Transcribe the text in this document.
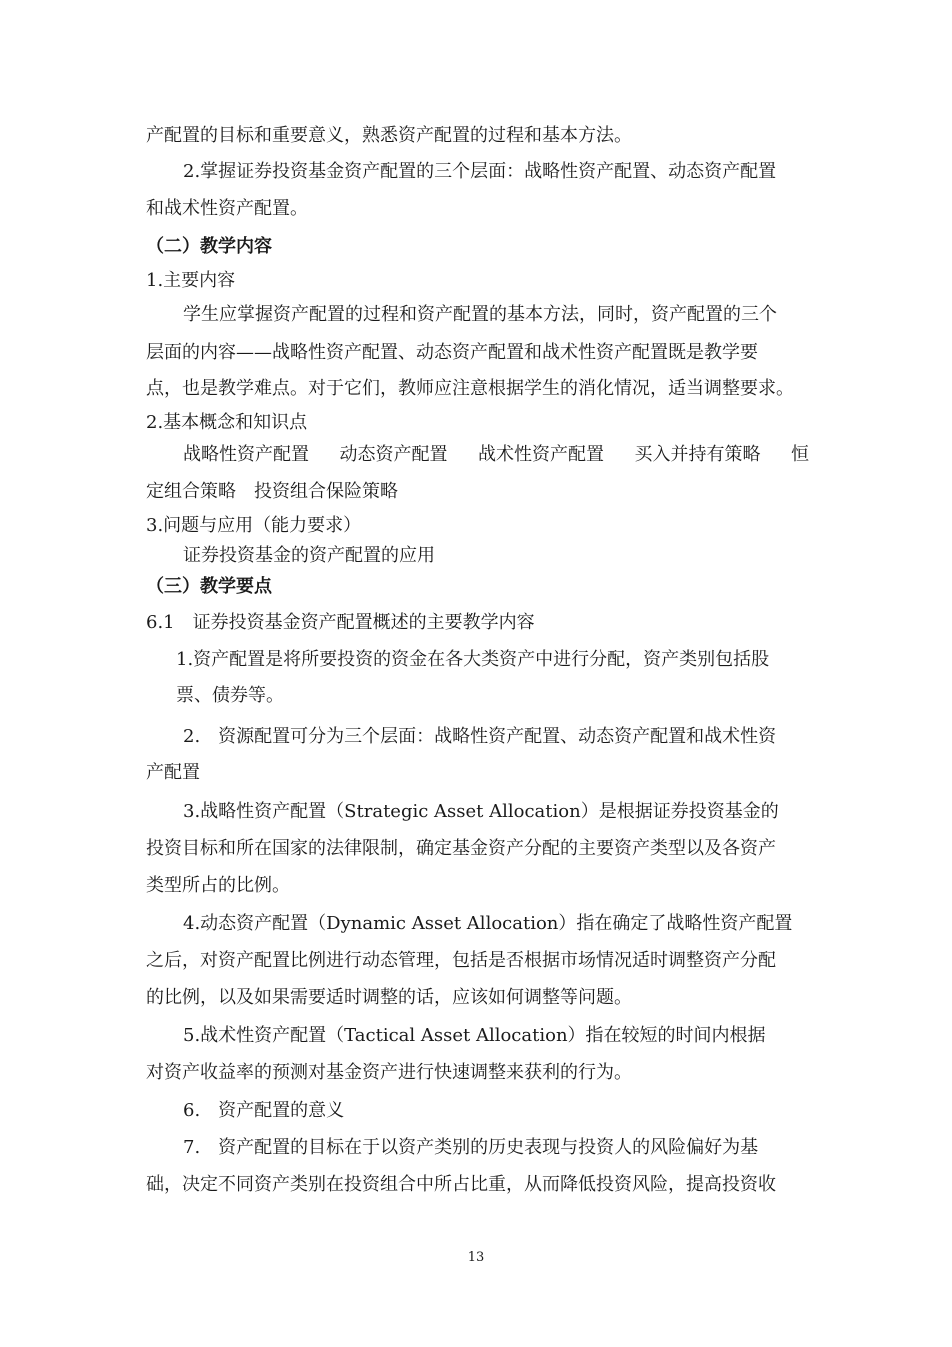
产配置的目标和重要意义，熟悉资产配置的过程和基本方法。
2.掌握证券投资基金资产配置的三个层面：战略性资产配置、动态资产配置
和战术性资产配置。
（二）教学内容
1.主要内容
学生应掌握资产配置的过程和资产配置的基本方法，同时，资产配置的三个
层面的内容——战略性资产配置、动态资产配置和战术性资产配置既是教学要
点，也是教学难点。对于它们，教师应注意根据学生的消化情况，适当调整要求。
2.基本概念和知识点
战略性资产配置 动态资产配置 战术性资产配置 买入并持有策略 恒
定组合策略　投资组合保险策略
3.问题与应用（能力要求）
证券投资基金的资产配置的应用
（三）教学要点
6.1　证券投资基金资产配置概述的主要教学内容
1.资产配置是将所要投资的资金在各大类资产中进行分配，资产类别包括股
票、债券等。
2.　资源配置可分为三个层面：战略性资产配置、动态资产配置和战术性资
产配置
3.战略性资产配置（Strategic Asset Allocation）是根据证券投资基金的
投资目标和所在国家的法律限制，确定基金资产分配的主要资产类型以及各资产
类型所占的比例。
4.动态资产配置（Dynamic Asset Allocation）指在确定了战略性资产配置
之后，对资产配置比例进行动态管理，包括是否根据市场情况适时调整资产分配
的比例，以及如果需要适时调整的话，应该如何调整等问题。
5.战术性资产配置（Tactical Asset Allocation）指在较短的时间内根据
对资产收益率的预测对基金资产进行快速调整来获利的行为。
6.　资产配置的意义
7.　资产配置的目标在于以资产类别的历史表现与投资人的风险偏好为基
础，决定不同资产类别在投资组合中所占比重，从而降低投资风险，提高投资收
13
